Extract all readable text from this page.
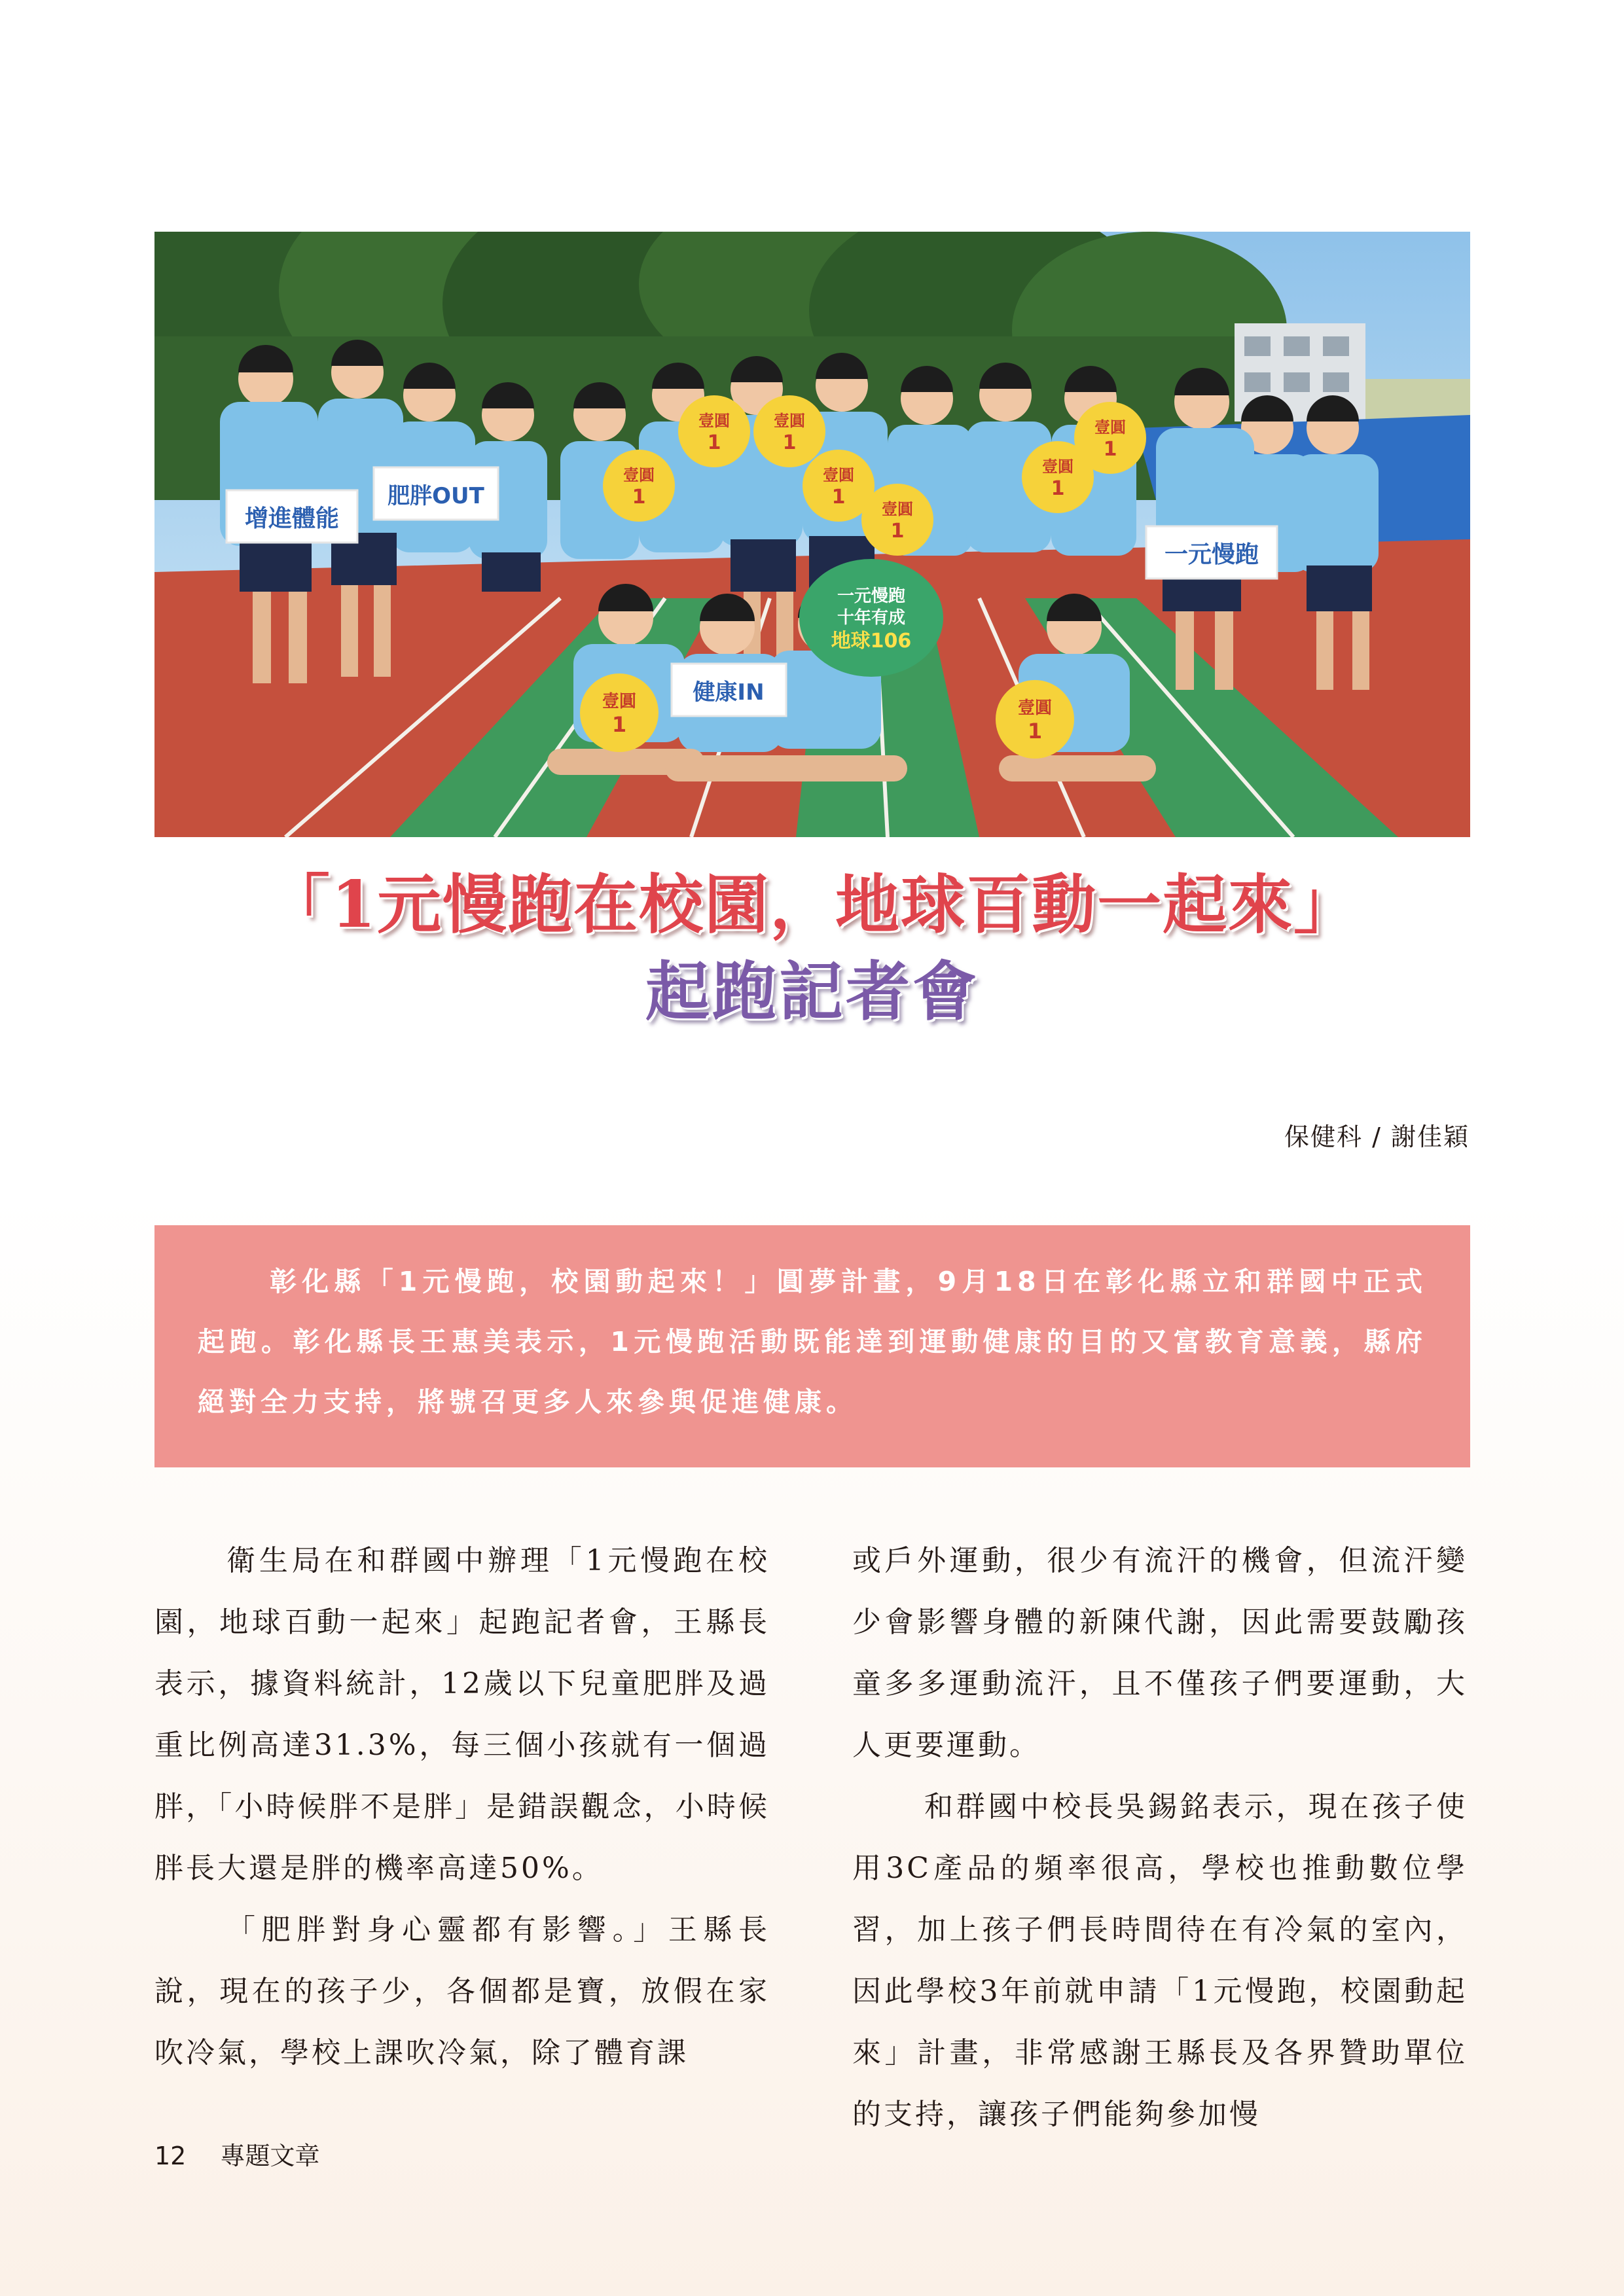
增進體能
肥胖OUT
一元慢跑
健康IN
一元慢跑
十年有成
地球106
壹圓
1
壹圓
1
壹圓
1
壹圓
1
壹圓
1
壹圓
1
壹圓
1
壹圓
1
壹圓
1
「1元慢跑在校園，地球百動一起來」
起跑記者會
保健科 / 謝佳穎

彰化縣「1元慢跑，校園動起來！」圓夢計畫，9月18日在彰化縣立和群國中正式起跑。彰化縣長王惠美表示，1元慢跑活動既能達到運動健康的目的又富教育意義，縣府絕對全力支持，將號召更多人來參與促進健康。

衛生局在和群國中辦理「1元慢跑在校園，地球百動一起來」起跑記者會，王縣長表示，據資料統計，12歲以下兒童肥胖及過重比例高達31.3%，每三個小孩就有一個過胖，「小時候胖不是胖」是錯誤觀念，小時候胖長大還是胖的機率高達50%。

「肥胖對身心靈都有影響。」王縣長說，現在的孩子少，各個都是寶，放假在家吹冷氣，學校上課吹冷氣，除了體育課

或戶外運動，很少有流汗的機會，但流汗變少會影響身體的新陳代謝，因此需要鼓勵孩童多多運動流汗，且不僅孩子們要運動，大人更要運動。

和群國中校長吳錫銘表示，現在孩子使用3C產品的頻率很高，學校也推動數位學習，加上孩子們長時間待在有冷氣的室內，因此學校3年前就申請「1元慢跑，校園動起來」計畫，非常感謝王縣長及各界贊助單位的支持，讓孩子們能夠參加慢

12 專題文章
